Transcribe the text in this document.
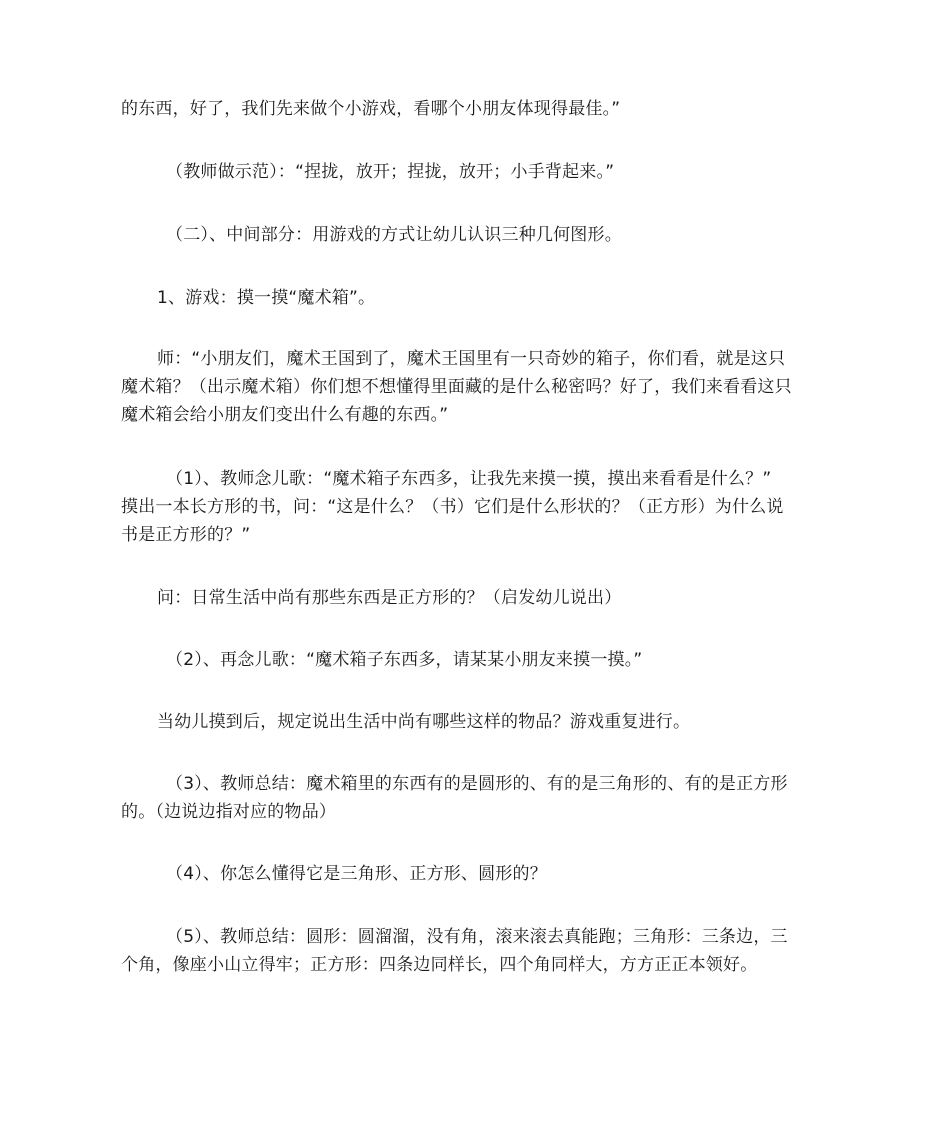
的东西，好了，我们先来做个小游戏，看哪个小朋友体现得最佳。”
（教师做示范）：“捏拢，放开；捏拢，放开；小手背起来。”
（二）、中间部分：用游戏的方式让幼儿认识三种几何图形。
1、游戏：摸一摸“魔术箱”。
师：“小朋友们，魔术王国到了，魔术王国里有一只奇妙的箱子，你们看，就是这只
魔术箱？（出示魔术箱）你们想不想懂得里面藏的是什么秘密吗？好了，我们来看看这只
魔术箱会给小朋友们变出什么有趣的东西。”
（1）、教师念儿歌：“魔术箱子东西多，让我先来摸一摸，摸出来看看是什么？”
摸出一本长方形的书，问：“这是什么？（书）它们是什么形状的？（正方形）为什么说
书是正方形的？”
问：日常生活中尚有那些东西是正方形的？（启发幼儿说出）
（2）、再念儿歌：“魔术箱子东西多，请某某小朋友来摸一摸。”
当幼儿摸到后，规定说出生活中尚有哪些这样的物品？游戏重复进行。
（3）、教师总结：魔术箱里的东西有的是圆形的、有的是三角形的、有的是正方形
的。（边说边指对应的物品）
（4）、你怎么懂得它是三角形、正方形、圆形的？
（5）、教师总结：圆形：圆溜溜，没有角，滚来滚去真能跑；三角形：三条边，三
个角，像座小山立得牢；正方形：四条边同样长，四个角同样大，方方正正本领好。
